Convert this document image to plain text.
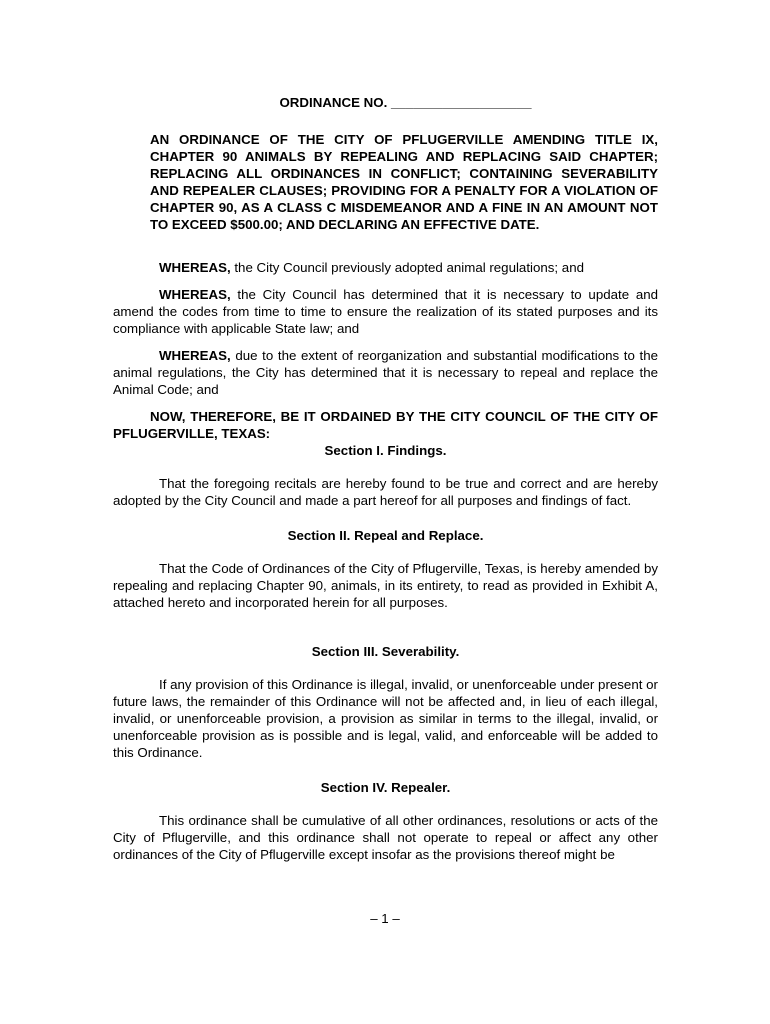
ORDINANCE NO. ___________________
AN ORDINANCE OF THE CITY OF PFLUGERVILLE AMENDING TITLE IX, CHAPTER 90 ANIMALS BY REPEALING AND REPLACING SAID CHAPTER; REPLACING ALL ORDINANCES IN CONFLICT; CONTAINING SEVERABILITY AND REPEALER CLAUSES; PROVIDING FOR A PENALTY FOR A VIOLATION OF CHAPTER 90, AS A CLASS C MISDEMEANOR AND A FINE IN AN AMOUNT NOT TO EXCEED $500.00; AND DECLARING AN EFFECTIVE DATE.
WHEREAS, the City Council previously adopted animal regulations; and
WHEREAS, the City Council has determined that it is necessary to update and amend the codes from time to time to ensure the realization of its stated purposes and its compliance with applicable State law; and
WHEREAS, due to the extent of reorganization and substantial modifications to the animal regulations, the City has determined that it is necessary to repeal and replace the Animal Code; and
NOW, THEREFORE, BE IT ORDAINED BY THE CITY COUNCIL OF THE CITY OF PFLUGERVILLE, TEXAS:
Section I. Findings.
That the foregoing recitals are hereby found to be true and correct and are hereby adopted by the City Council and made a part hereof for all purposes and findings of fact.
Section II. Repeal and Replace.
That the Code of Ordinances of the City of Pflugerville, Texas, is hereby amended by repealing and replacing Chapter 90, animals, in its entirety, to read as provided in Exhibit A, attached hereto and incorporated herein for all purposes.
Section III. Severability.
If any provision of this Ordinance is illegal, invalid, or unenforceable under present or future laws, the remainder of this Ordinance will not be affected and, in lieu of each illegal, invalid, or unenforceable provision, a provision as similar in terms to the illegal, invalid, or unenforceable provision as is possible and is legal, valid, and enforceable will be added to this Ordinance.
Section IV. Repealer.
This ordinance shall be cumulative of all other ordinances, resolutions or acts of the City of Pflugerville, and this ordinance shall not operate to repeal or affect any other ordinances of the City of Pflugerville except insofar as the provisions thereof might be
– 1 –
